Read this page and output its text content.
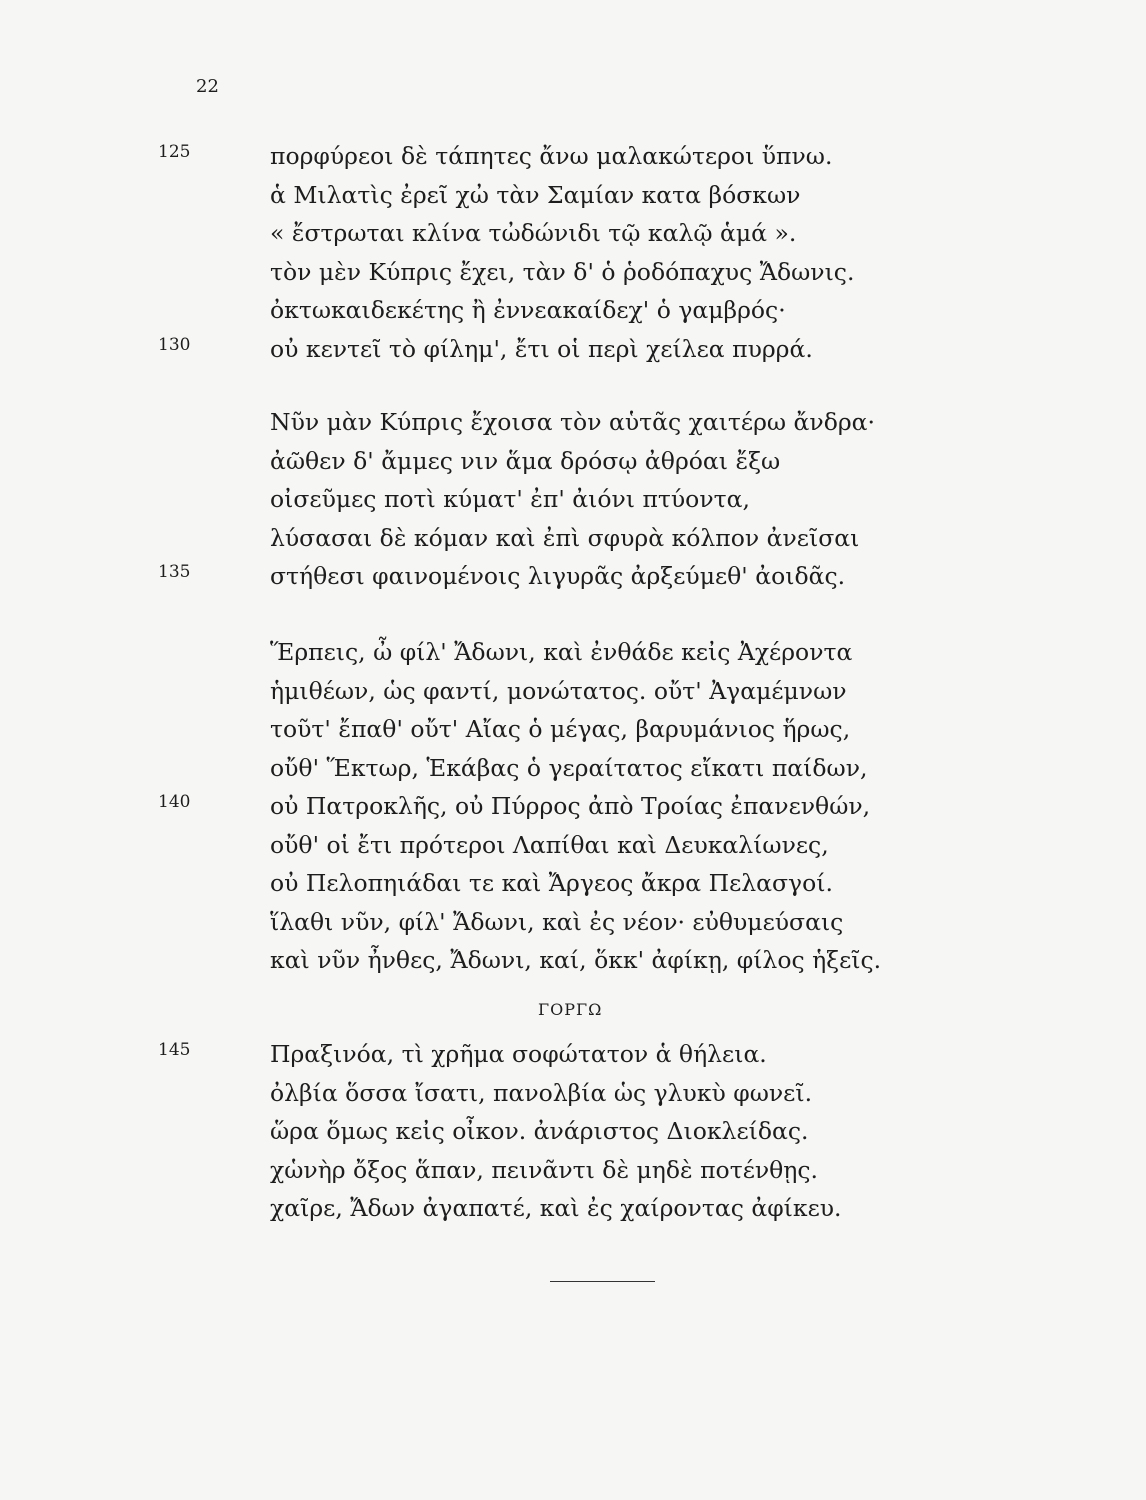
22
125	πορφύρεοι δὲ τάπητες ἄνω μαλακώτεροι ὕπνω.
ἁ Μιλατὶς ἐρεῖ χὠ τὰν Σαμίαν κατα βόσκων
« ἔστρωται κλίνα τὠδώνιδι τῷ καλῷ ἁμά ».
τὸν μὲν Κύπρις ἔχει, τὰν δ' ὁ ῥοδόπαχυς Ἄδωνις.
ὀκτωκαιδεκέτης ἢ ἐννεακαίδεχ' ὁ γαμβρός·
130	οὐ κεντεῖ τὸ φίλημ', ἔτι οἱ περὶ χείλεα πυρρά.
Νῦν μὰν Κύπρις ἔχοισα τὸν αὑτᾶς χαιτέρω ἄνδρα·
ἀῶθεν δ' ἄμμες νιν ἅμα δρόσῳ ἀθρόαι ἔξω
οἰσεῦμες ποτὶ κύματ' ἐπ' ἀιόνι πτύοντα,
λύσασαι δὲ κόμαν καὶ ἐπὶ σφυρὰ κόλπον ἀνεῖσαι
135	στήθεσι φαινομένοις λιγυρᾶς ἀρξεύμεθ' ἀοιδᾶς.
Ἕρπεις, ὦ φίλ' Ἄδωνι, καὶ ἐνθάδε κεἰς Ἀχέροντα
ἡμιθέων, ὡς φαντί, μονώτατος. οὔτ' Ἀγαμέμνων
τοῦτ' ἔπαθ' οὔτ' Αἴας ὁ μέγας, βαρυμάνιος ἥρως,
οὔθ' Ἕκτωρ, Ἑκάβας ὁ γεραίτατος εἴκατι παίδων,
140	οὐ Πατροκλῆς, οὐ Πύρρος ἀπὸ Τροίας ἐπανενθών,
οὔθ' οἱ ἔτι πρότεροι Λαπίθαι καὶ Δευκαλίωνες,
οὐ Πελοπηιάδαι τε καὶ Ἄργεος ἄκρα Πελασγοί.
ἵλαθι νῦν, φίλ' Ἄδωνι, καὶ ἐς νέον· εὐθυμεύσαις
καὶ νῦν ἦνθες, Ἄδωνι, καί, ὅκκ' ἀφίκῃ, φίλος ἡξεῖς.
ΓΟΡΓΩ
145	Πραξινόα, τὶ χρῆμα σοφώτατον ἁ θήλεια.
ὀλβία ὅσσα ἴσατι, πανολβία ὡς γλυκὺ φωνεῖ.
ὥρα ὅμως κεἰς οἶκον. ἀνάριστος Διοκλείδας.
χὡνὴρ ὄξος ἅπαν, πεινᾶντι δὲ μηδὲ ποτένθῃς.
χαῖρε, Ἄδων ἀγαπατέ, καὶ ἐς χαίροντας ἀφίκευ.
